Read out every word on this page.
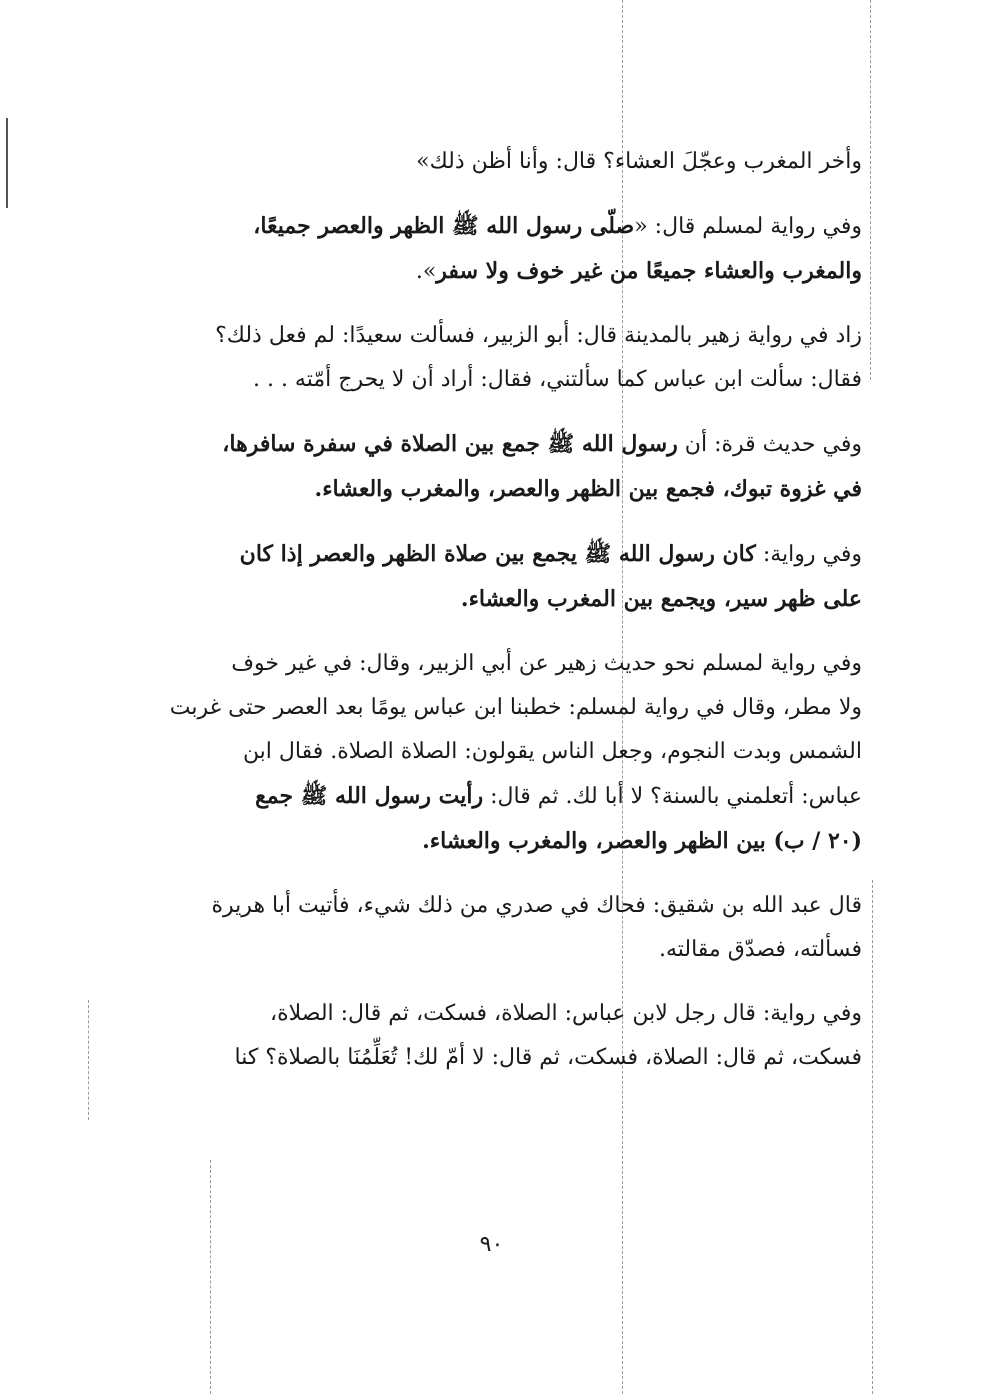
وأخر المغرب وعجّلَ العشاء؟ قال: وأنا أظن ذلك»
وفي رواية لمسلم قال: «صلّى رسول الله ﷺ الظهر والعصر جميعًا،
والمغرب والعشاء جميعًا من غير خوف ولا سفر».
زاد في رواية زهير بالمدينة قال: أبو الزبير، فسألت سعيدًا: لم فعل ذلك؟
فقال: سألت ابن عباس كما سألتني، فقال: أراد أن لا يحرج أمّته . . .
وفي حديث قرة: أن رسول الله ﷺ جمع بين الصلاة في سفرة سافرها،
في غزوة تبوك، فجمع بين الظهر والعصر، والمغرب والعشاء.
وفي رواية: كان رسول الله ﷺ يجمع بين صلاة الظهر والعصر إذا كان
على ظهر سير، ويجمع بين المغرب والعشاء.
وفي رواية لمسلم نحو حديث زهير عن أبي الزبير، وقال: في غير خوف
ولا مطر، وقال في رواية لمسلم: خطبنا ابن عباس يومًا بعد العصر حتى غربت
الشمس وبدت النجوم، وجعل الناس يقولون: الصلاة الصلاة. فقال ابن
عباس: أتعلمني بالسنة؟ لا أبا لك. ثم قال: رأيت رسول الله ﷺ جمع
(٢٠ / ب) بين الظهر والعصر، والمغرب والعشاء.
قال عبد الله بن شقيق: فحاك في صدري من ذلك شيء، فأتيت أبا هريرة
فسألته، فصدّق مقالته.
وفي رواية: قال رجل لابن عباس: الصلاة، فسكت، ثم قال: الصلاة،
فسكت، ثم قال: الصلاة، فسكت، ثم قال: لا أمّ لك! تُعَلِّمُنَا بالصلاة؟ كنا
٩٠
